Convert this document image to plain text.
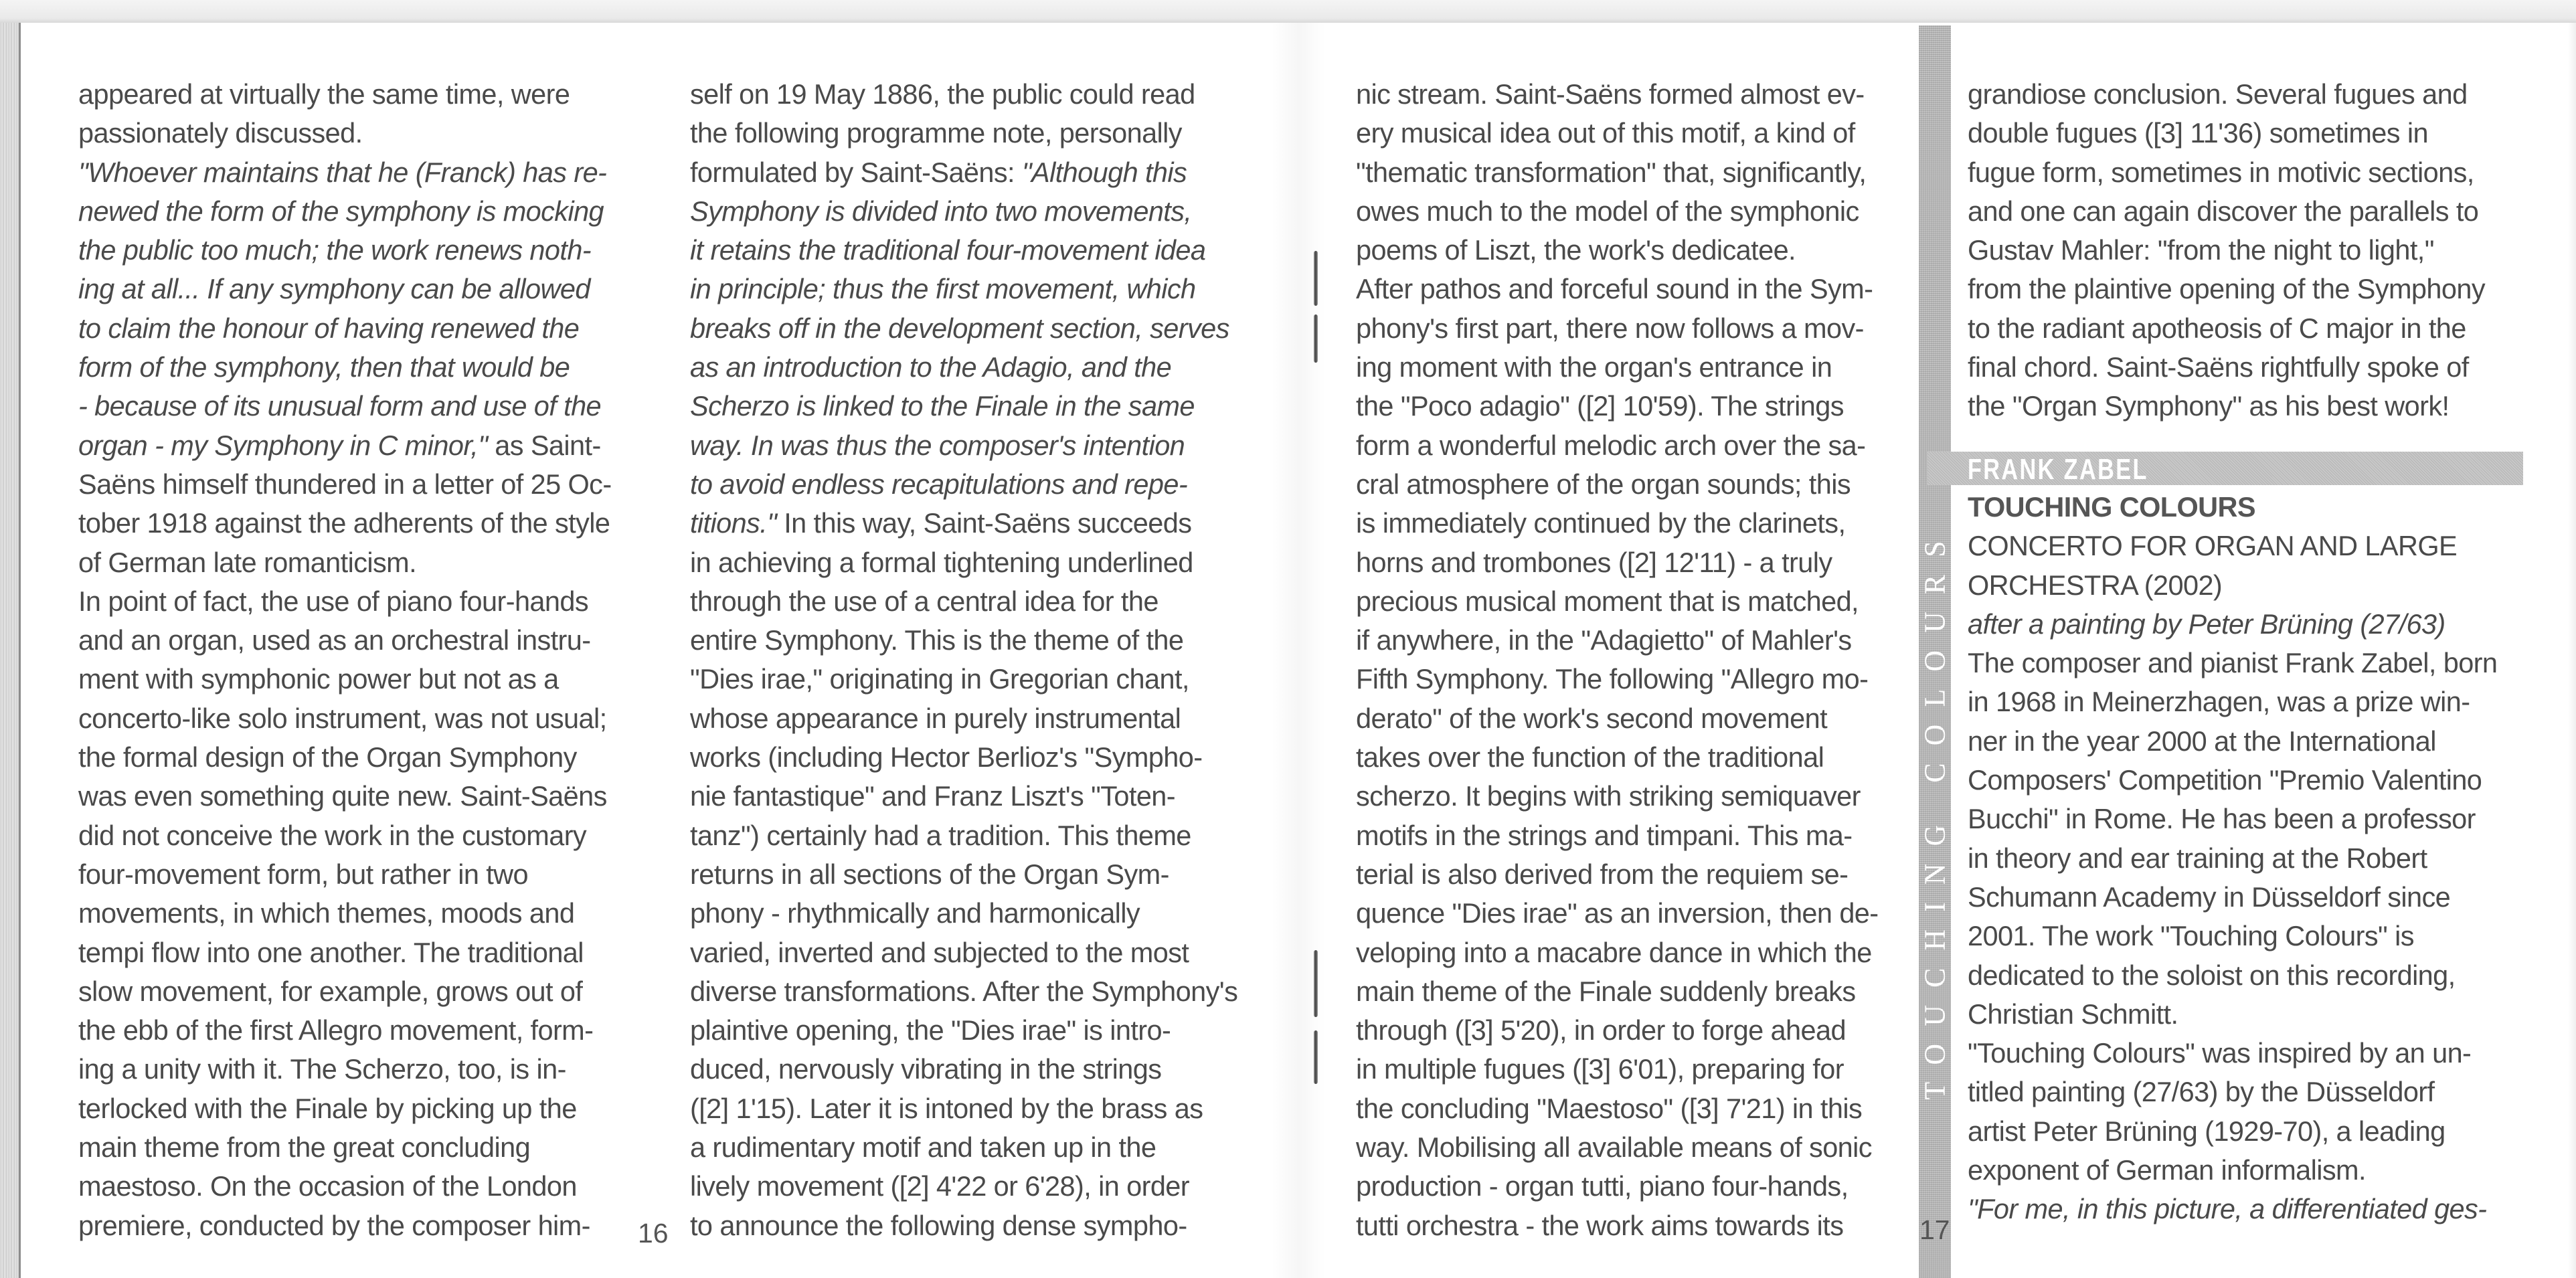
appeared at virtually the same time, were

passionately discussed.

"Whoever maintains that he (Franck) has re-

newed the form of the symphony is mocking

the public too much; the work renews noth-

ing at all... If any symphony can be allowed

to claim the honour of having renewed the

form of the symphony, then that would be

- because of its unusual form and use of the

organ - my Symphony in C minor," as Saint-

Saëns himself thundered in a letter of 25 Oc-

tober 1918 against the adherents of the style

of German late romanticism.

In point of fact, the use of piano four-hands

and an organ, used as an orchestral instru-

ment with symphonic power but not as a

concerto-like solo instrument, was not usual;

the formal design of the Organ Symphony

was even something quite new. Saint-Saëns

did not conceive the work in the customary

four-movement form, but rather in two

movements, in which themes, moods and

tempi flow into one another. The traditional

slow movement, for example, grows out of

the ebb of the first Allegro movement, form-

ing a unity with it. The Scherzo, too, is in-

terlocked with the Finale by picking up the

main theme from the great concluding

maestoso. On the occasion of the London

premiere, conducted by the composer him-

self on 19 May 1886, the public could read

the following programme note, personally

formulated by Saint-Saëns: "Although this

Symphony is divided into two movements,

it retains the traditional four-movement idea

in principle; thus the first movement, which

breaks off in the development section, serves

as an introduction to the Adagio, and the

Scherzo is linked to the Finale in the same

way. In was thus the composer's intention

to avoid endless recapitulations and repe-

titions." In this way, Saint-Saëns succeeds

in achieving a formal tightening underlined

through the use of a central idea for the

entire Symphony. This is the theme of the

"Dies irae," originating in Gregorian chant,

whose appearance in purely instrumental

works (including Hector Berlioz's "Sympho-

nie fantastique" and Franz Liszt's "Toten-

tanz") certainly had a tradition. This theme

returns in all sections of the Organ Sym-

phony - rhythmically and harmonically

varied, inverted and subjected to the most

diverse transformations. After the Symphony's

plaintive opening, the "Dies irae" is intro-

duced, nervously vibrating in the strings

([2] 1'15). Later it is intoned by the brass as

a rudimentary motif and taken up in the

lively movement ([2] 4'22 or 6'28), in order

to announce the following dense sympho-

16

nic stream. Saint-Saëns formed almost ev-

ery musical idea out of this motif, a kind of

"thematic transformation" that, significantly,

owes much to the model of the symphonic

poems of Liszt, the work's dedicatee.

After pathos and forceful sound in the Sym-

phony's first part, there now follows a mov-

ing moment with the organ's entrance in

the "Poco adagio" ([2] 10'59). The strings

form a wonderful melodic arch over the sa-

cral atmosphere of the organ sounds; this

is immediately continued by the clarinets,

horns and trombones ([2] 12'11) - a truly

precious musical moment that is matched,

if anywhere, in the "Adagietto" of Mahler's

Fifth Symphony. The following "Allegro mo-

derato" of the work's second movement

takes over the function of the traditional

scherzo. It begins with striking semiquaver

motifs in the strings and timpani. This ma-

terial is also derived from the requiem se-

quence "Dies irae" as an inversion, then de-

veloping into a macabre dance in which the

main theme of the Finale suddenly breaks

through ([3] 5'20), in order to forge ahead

in multiple fugues ([3] 6'01), preparing for

the concluding "Maestoso" ([3] 7'21) in this

way. Mobilising all available means of sonic

production - organ tutti, piano four-hands,

tutti orchestra - the work aims towards its

TOUCHING COLOURS
17

grandiose conclusion. Several fugues and

double fugues ([3] 11'36) sometimes in

fugue form, sometimes in motivic sections,

and one can again discover the parallels to

Gustav Mahler: "from the night to light,"

from the plaintive opening of the Symphony

to the radiant apotheosis of C major in the

final chord. Saint-Saëns rightfully spoke of

the "Organ Symphony" as his best work!

FRANK ZABEL

TOUCHING COLOURS

CONCERTO FOR ORGAN AND LARGE

ORCHESTRA (2002)

after a painting by Peter Brüning (27/63)

The composer and pianist Frank Zabel, born

in 1968 in Meinerzhagen, was a prize win-

ner in the year 2000 at the International

Composers' Competition "Premio Valentino

Bucchi" in Rome. He has been a professor

in theory and ear training at the Robert

Schumann Academy in Düsseldorf since

2001. The work "Touching Colours" is

dedicated to the soloist on this recording,

Christian Schmitt.

"Touching Colours" was inspired by an un-

titled painting (27/63) by the Düsseldorf

artist Peter Brüning (1929-70), a leading

exponent of German informalism.

"For me, in this picture, a differentiated ges-
